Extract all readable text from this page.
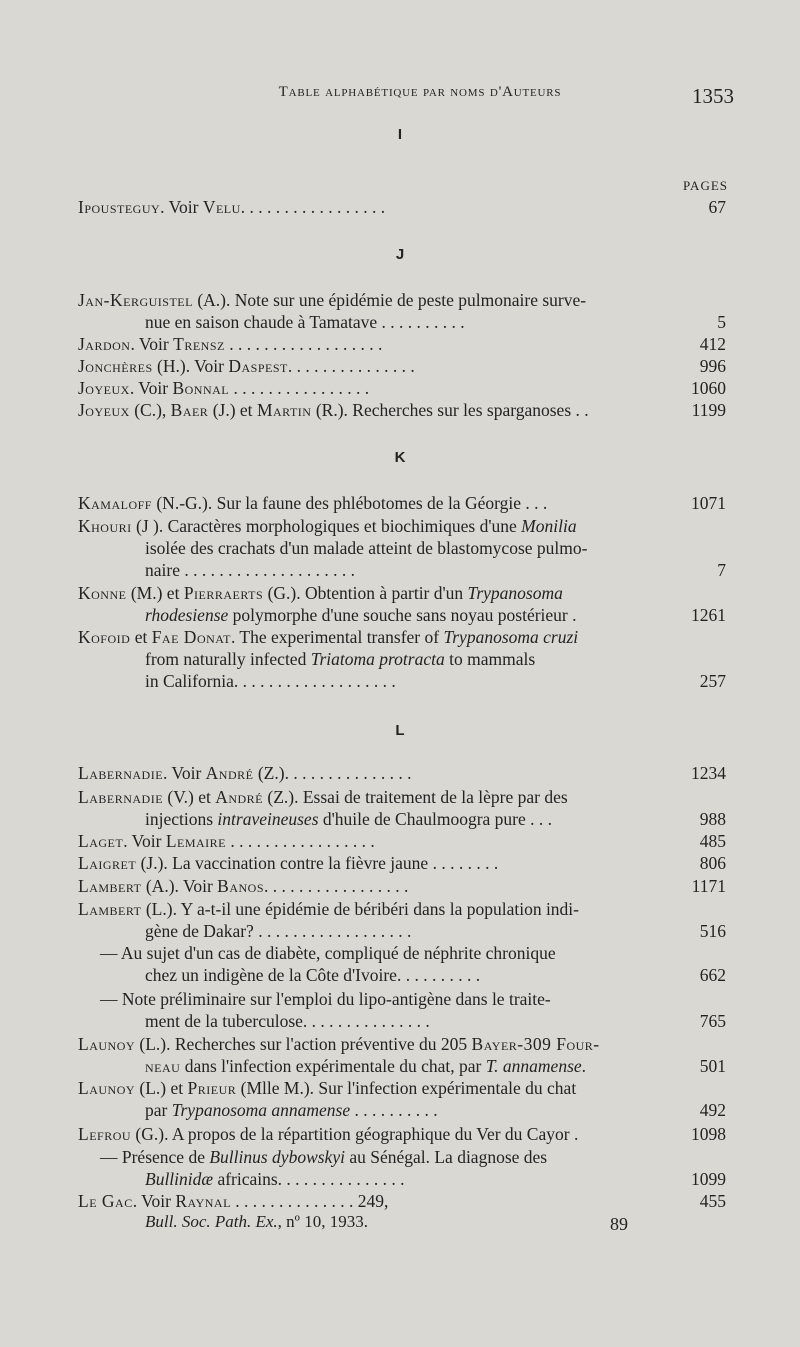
Table alphabétique par noms d'Auteurs	1353
I
PAGES
Ipousteguy. Voir Velu. . . . . . . . . . . . . . . . .	67
J
Jan-Kerguistel (A.). Note sur une épidémie de peste pulmonaire surve-
nue en saison chaude à Tamatave . . . . . . . . . .	5
Jardon. Voir Trensz . . . . . . . . . . . . . . . . . .	412
Jonchères (H.). Voir Daspest. . . . . . . . . . . . . . .	996
Joyeux. Voir Bonnal . . . . . . . . . . . . . . . .	1060
Joyeux (C.), Baer (J.) et Martin (R.). Recherches sur les sparganoses . .	1199
K
Kamaloff (N.-G.). Sur la faune des phlébotomes de la Géorgie . . .	1071
Khouri (J ). Caractères morphologiques et biochimiques d'une Monilia
isolée des crachats d'un malade atteint de blastomycose pulmo-
naire . . . . . . . . . . . . . . . . . . . .	7
Konne (M.) et Pierraerts (G.). Obtention à partir d'un Trypanosoma
rhodesiense polymorphe d'une souche sans noyau postérieur .	1261
Kofoid et Fae Donat. The experimental transfer of Trypanosoma cruzi
from naturally infected Triatoma protracta to mammals
in California. . . . . . . . . . . . . . . . . . .	257
L
Labernadie. Voir André (Z.). . . . . . . . . . . . . . .	1234
Labernadie (V.) et André (Z.). Essai de traitement de la lèpre par des
injections intraveineuses d'huile de Chaulmoogra pure . . .	988
Laget. Voir Lemaire . . . . . . . . . . . . . . . . .	485
Laigret (J.). La vaccination contre la fièvre jaune . . . . . . . .	806
Lambert (A.). Voir Banos. . . . . . . . . . . . . . . . .	1171
Lambert (L.). Y a-t-il une épidémie de béribéri dans la population indi-
gène de Dakar? . . . . . . . . . . . . . . . . . .	516
— Au sujet d'un cas de diabète, compliqué de néphrite chronique
chez un indigène de la Côte d'Ivoire. . . . . . . . . .	662
— Note préliminaire sur l'emploi du lipo-antigène dans le traite-
ment de la tuberculose. . . . . . . . . . . . . . .	765
Launoy (L.). Recherches sur l'action préventive du 205 Bayer-309 Four-
neau dans l'infection expérimentale du chat, par T. annamense.	501
Launoy (L.) et Prieur (Mlle M.). Sur l'infection expérimentale du chat
par Trypanosoma annamense . . . . . . . . . .	492
Lefrou (G.). A propos de la répartition géographique du Ver du Cayor .	1098
— Présence de Bullinus dybowskyi au Sénégal. La diagnose des
Bullinidæ africains. . . . . . . . . . . . . . .	1099
Le Gac. Voir Raynal . . . . . . . . . . . . . . 249,	455
Bull. Soc. Path. Ex., nº 10, 1933.	89
